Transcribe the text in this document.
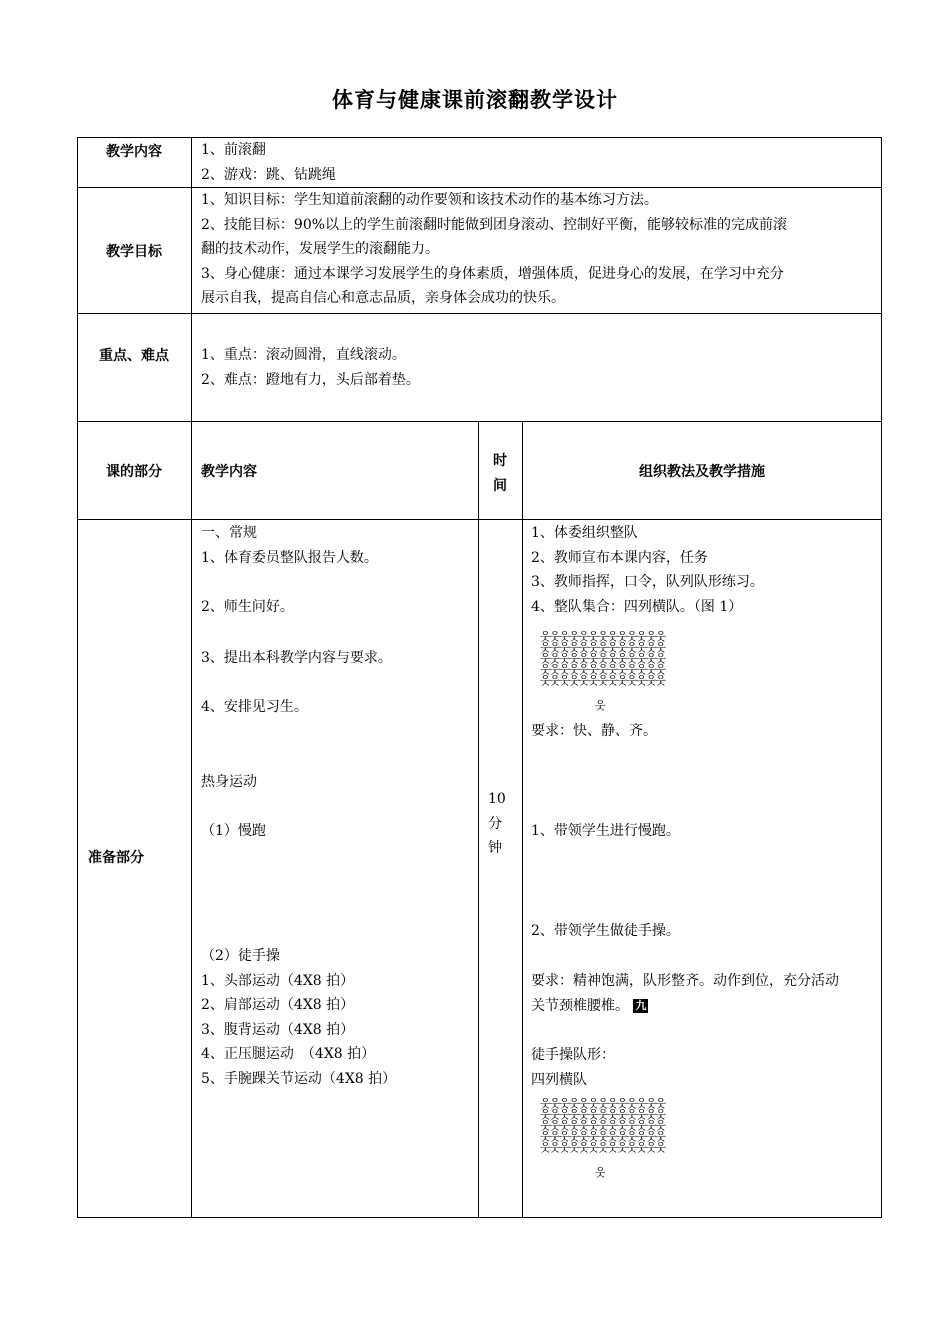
体育与健康课前滚翻教学设计
教学内容
教学目标
重点、难点
课的部分	教学内容
时
间
组织教法及教学措施
准备部分
1、前滚翻
2、游戏：跳、钻跳绳
1、知识目标：学生知道前滚翻的动作要领和该技术动作的基本练习方法。
2、技能目标：90%以上的学生前滚翻时能做到团身滚动、控制好平衡，能够较标准的完成前滚
翻的技术动作，发展学生的滚翻能力。
3、身心健康：通过本课学习发展学生的身体素质，增强体质，促进身心的发展，在学习中充分
展示自我，提高自信心和意志品质，亲身体会成功的快乐。
1、重点：滚动圆滑，直线滚动。
2、难点：蹬地有力，头后部着垫。
一、常规
1、体育委员整队报告人数。
2、师生问好。
3、提出本科教学内容与要求。
4、安排见习生。
热身运动
（1）慢跑
（2）徒手操
1、头部运动（4X8 拍）
2、肩部运动（4X8 拍）
3、腹背运动（4X8 拍）
4、正压腿运动　（4X8 拍）
5、手腕踝关节运动（4X8 拍）
10
分
钟
1、体委组织整队
2、教师宣布本课内容，任务
3、教师指挥，口令，队列队形练习。
4、整队集合：四列横队。（图 1）
웃웃웃웃웃웃웃웃웃웃웃웃웃
웃웃웃웃웃웃웃웃웃웃웃웃웃
웃웃웃웃웃웃웃웃웃웃웃웃웃
웃웃웃웃웃웃웃웃웃웃웃웃웃
웃웃웃웃웃웃웃웃웃웃웃웃웃
웃
要求：快、静、齐。
1、带领学生进行慢跑。
2、带领学生做徒手操。
要求：精神饱满，队形整齐。动作到位，充分活动
关节颈椎腰椎。 九
徒手操队形：
四列横队
웃웃웃웃웃웃웃웃웃웃웃웃웃
웃웃웃웃웃웃웃웃웃웃웃웃웃
웃웃웃웃웃웃웃웃웃웃웃웃웃
웃웃웃웃웃웃웃웃웃웃웃웃웃
웃웃웃웃웃웃웃웃웃웃웃웃웃
웃
